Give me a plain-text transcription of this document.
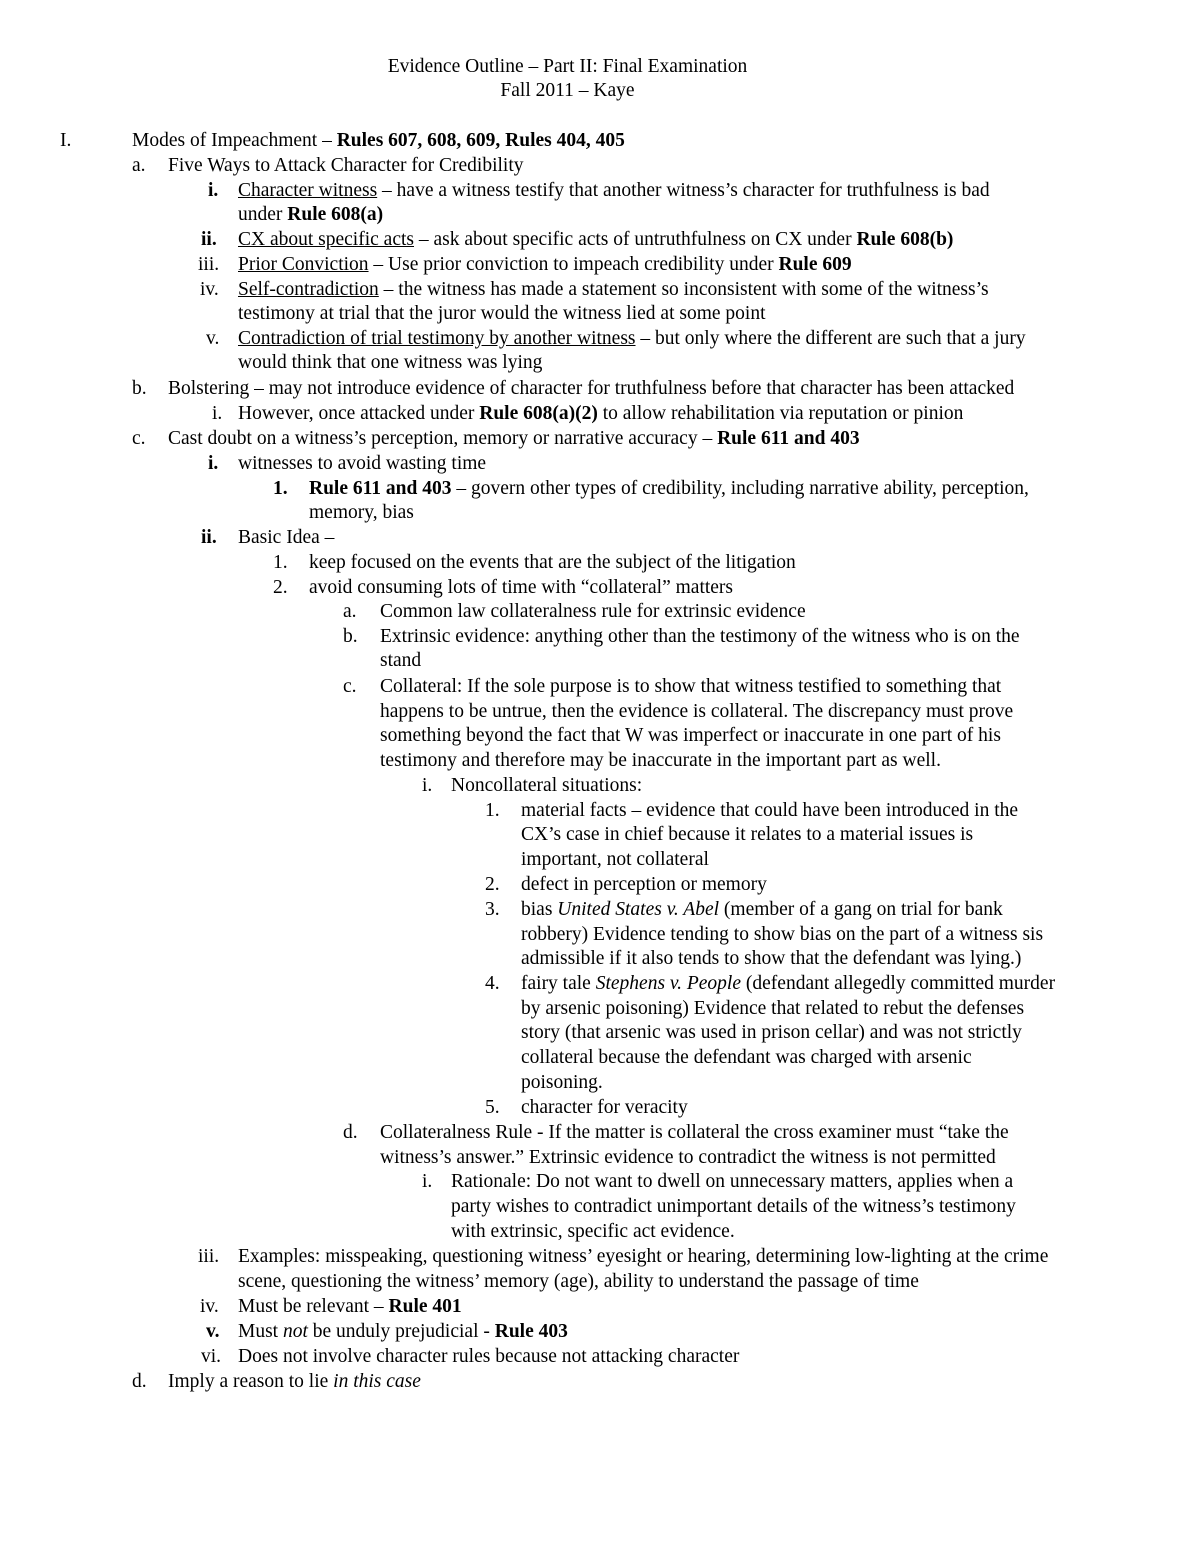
Evidence Outline – Part II: Final Examination
Fall 2011 – Kaye
I.	Modes of Impeachment – Rules 607, 608, 609, Rules 404, 405
a. Five Ways to Attack Character for Credibility
i. Character witness – have a witness testify that another witness’s character for truthfulness is bad
under Rule 608(a)
ii. CX about specific acts – ask about specific acts of untruthfulness on CX under Rule 608(b)
iii. Prior Conviction – Use prior conviction to impeach credibility under Rule 609
iv. Self-contradiction – the witness has made a statement so inconsistent with some of the witness’s
testimony at trial that the juror would the witness lied at some point
v. Contradiction of trial testimony by another witness – but only where the different are such that a jury
would think that one witness was lying
b. Bolstering – may not introduce evidence of character for truthfulness before that character has been attacked
i. However, once attacked under Rule 608(a)(2) to allow rehabilitation via reputation or pinion
c. Cast doubt on a witness’s perception, memory or narrative accuracy – Rule 611 and 403
i. witnesses to avoid wasting time
1. Rule 611 and 403 – govern other types of credibility, including narrative ability, perception,
memory, bias
ii. Basic Idea –
1. keep focused on the events that are the subject of the litigation
2. avoid consuming lots of time with “collateral” matters
a. Common law collateralness rule for extrinsic evidence
b. Extrinsic evidence: anything other than the testimony of the witness who is on the
stand
c. Collateral: If the sole purpose is to show that witness testified to something that
happens to be untrue, then the evidence is collateral. The discrepancy must prove
something beyond the fact that W was imperfect or inaccurate in one part of his
testimony and therefore may be inaccurate in the important part as well.
i. Noncollateral situations:
1. material facts – evidence that could have been introduced in the
CX’s case in chief because it relates to a material issues is
important, not collateral
2. defect in perception or memory
3. bias United States v. Abel (member of a gang on trial for bank
robbery) Evidence tending to show bias on the part of a witness sis
admissible if it also tends to show that the defendant was lying.)
4. fairy tale Stephens v. People (defendant allegedly committed murder
by arsenic poisoning) Evidence that related to rebut the defenses
story (that arsenic was used in prison cellar) and was not strictly
collateral because the defendant was charged with arsenic
poisoning.
5. character for veracity
d. Collateralness Rule - If the matter is collateral the cross examiner must “take the
witness’s answer.” Extrinsic evidence to contradict the witness is not permitted
i. Rationale: Do not want to dwell on unnecessary matters, applies when a
party wishes to contradict unimportant details of the witness’s testimony
with extrinsic, specific act evidence.
iii. Examples: misspeaking, questioning witness’ eyesight or hearing, determining low-lighting at the crime
scene, questioning the witness’ memory (age), ability to understand the passage of time
iv. Must be relevant – Rule 401
v. Must not be unduly prejudicial - Rule 403
vi. Does not involve character rules because not attacking character
d. Imply a reason to lie in this case
